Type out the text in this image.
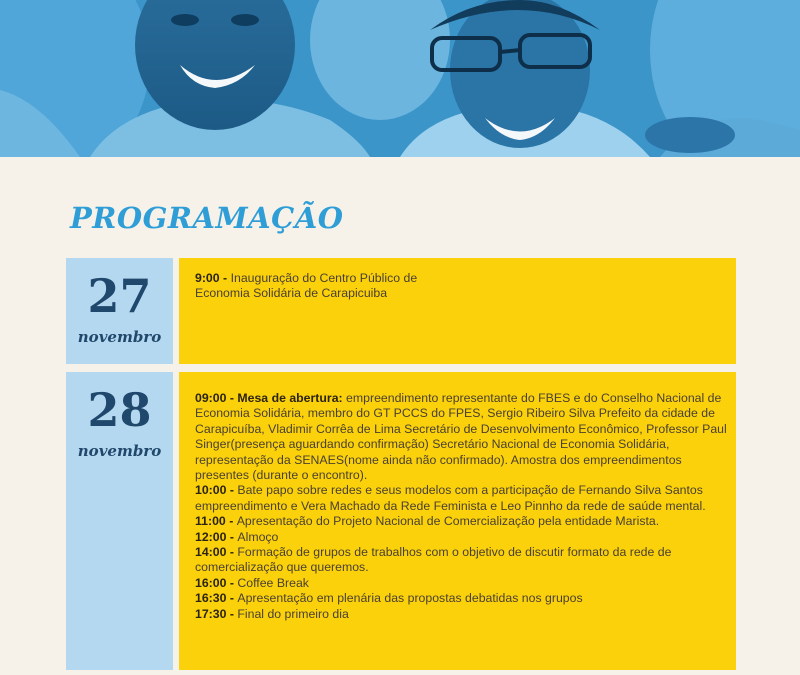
PROGRAMAÇÃO
27
novembro
9:00 - Inauguração do Centro Público de Economia Solidária de Carapicuiba
28
novembro
09:00 - Mesa de abertura: empreendimento representante do FBES e do Conselho Nacional de Economia Solidária, membro do GT PCCS do FPES, Sergio Ribeiro Silva Prefeito da cidade de Carapicuíba, Vladimir Corrêa de Lima Secretário de Desenvolvimento Econômico, Professor Paul Singer(presença aguardando confirmação) Secretário Nacional de Economia Solidária, representação da SENAES(nome ainda não confirmado). Amostra dos empreendimentos presentes (durante o encontro).
10:00 - Bate papo sobre redes e seus modelos com a participação de Fernando Silva Santos empreendimento e Vera Machado da Rede Feminista e Leo Pinnho da rede de saúde mental.
11:00 - Apresentação do Projeto Nacional de Comercialização pela entidade Marista.
12:00 - Almoço
14:00 - Formação de grupos de trabalhos com o objetivo de discutir formato da rede de comercialização que queremos.
16:00 - Coffee Break
16:30 - Apresentação em plenária das propostas debatidas nos grupos
17:30 - Final do primeiro dia
